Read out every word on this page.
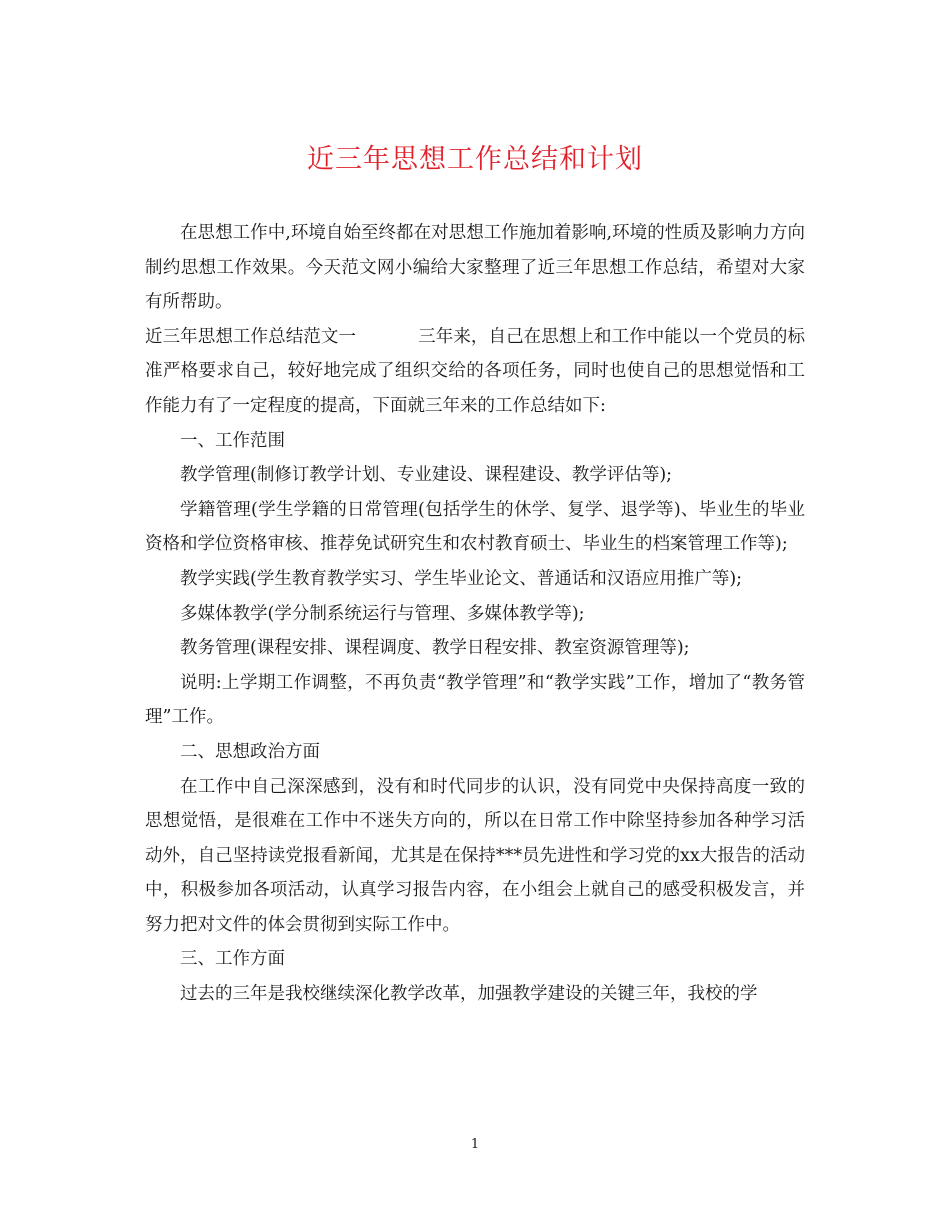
近三年思想工作总结和计划

在思想工作中,环境自始至终都在对思想工作施加着影响,环境的性质及影响力方向制约思想工作效果。今天范文网小编给大家整理了近三年思想工作总结，希望对大家有所帮助。

近三年思想工作总结范文一	三年来，自己在思想上和工作中能以一个党员的标准严格要求自己，较好地完成了组织交给的各项任务，同时也使自己的思想觉悟和工作能力有了一定程度的提高，下面就三年来的工作总结如下:

一、工作范围

教学管理(制修订教学计划、专业建设、课程建设、教学评估等);

学籍管理(学生学籍的日常管理(包括学生的休学、复学、退学等)、毕业生的毕业资格和学位资格审核、推荐免试研究生和农村教育硕士、毕业生的档案管理工作等);

教学实践(学生教育教学实习、学生毕业论文、普通话和汉语应用推广等);

多媒体教学(学分制系统运行与管理、多媒体教学等);

教务管理(课程安排、课程调度、教学日程安排、教室资源管理等);

说明:上学期工作调整，不再负责“教学管理”和“教学实践”工作，增加了“教务管理”工作。

二、思想政治方面

在工作中自己深深感到，没有和时代同步的认识，没有同党中央保持高度一致的思想觉悟，是很难在工作中不迷失方向的，所以在日常工作中除坚持参加各种学习活动外，自己坚持读党报看新闻，尤其是在保持***员先进性和学习党的xx大报告的活动中，积极参加各项活动，认真学习报告内容，在小组会上就自己的感受积极发言，并努力把对文件的体会贯彻到实际工作中。

三、工作方面

过去的三年是我校继续深化教学改革，加强教学建设的关键三年，我校的学

1
